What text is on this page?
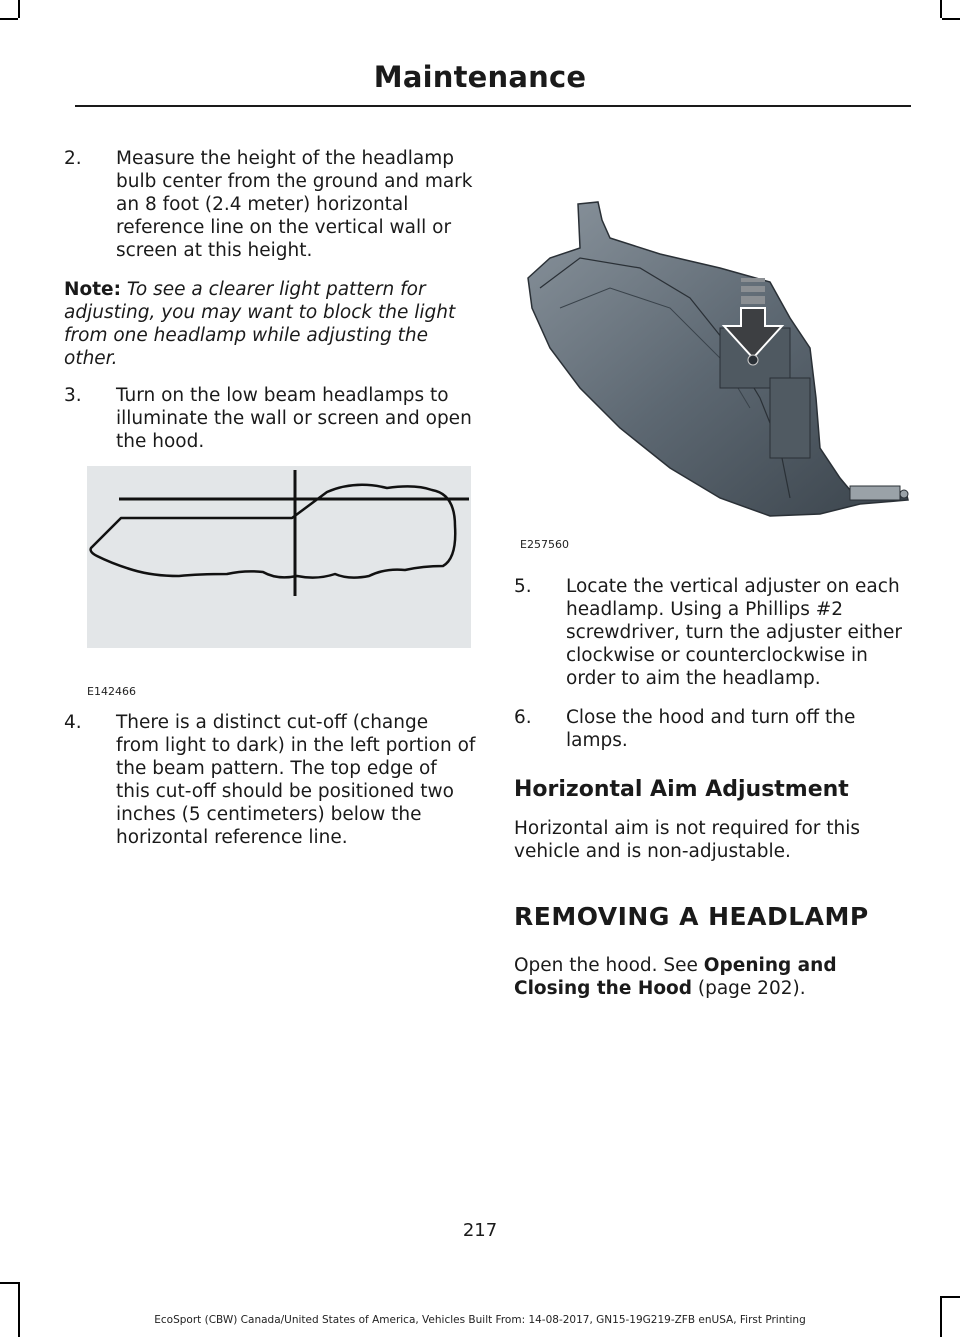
Maintenance
2. Measure the height of the headlamp bulb center from the ground and mark an 8 foot (2.4 meter) horizontal reference line on the vertical wall or screen at this height.
Note: To see a clearer light pattern for adjusting, you may want to block the light from one headlamp while adjusting the other.
3. Turn on the low beam headlamps to illuminate the wall or screen and open the hood.
E142466
4. There is a distinct cut-off (change from light to dark) in the left portion of the beam pattern. The top edge of this cut-off should be positioned two inches (5 centimeters) below the horizontal reference line.
E257560
5. Locate the vertical adjuster on each headlamp. Using a Phillips #2 screwdriver, turn the adjuster either clockwise or counterclockwise in order to aim the headlamp.
6. Close the hood and turn off the lamps.
Horizontal Aim Adjustment
Horizontal aim is not required for this vehicle and is non-adjustable.
REMOVING A HEADLAMP
Open the hood. See Opening and Closing the Hood (page 202).
217
EcoSport (CBW) Canada/United States of America, Vehicles Built From: 14-08-2017, GN15-19G219-ZFB enUSA, First Printing
